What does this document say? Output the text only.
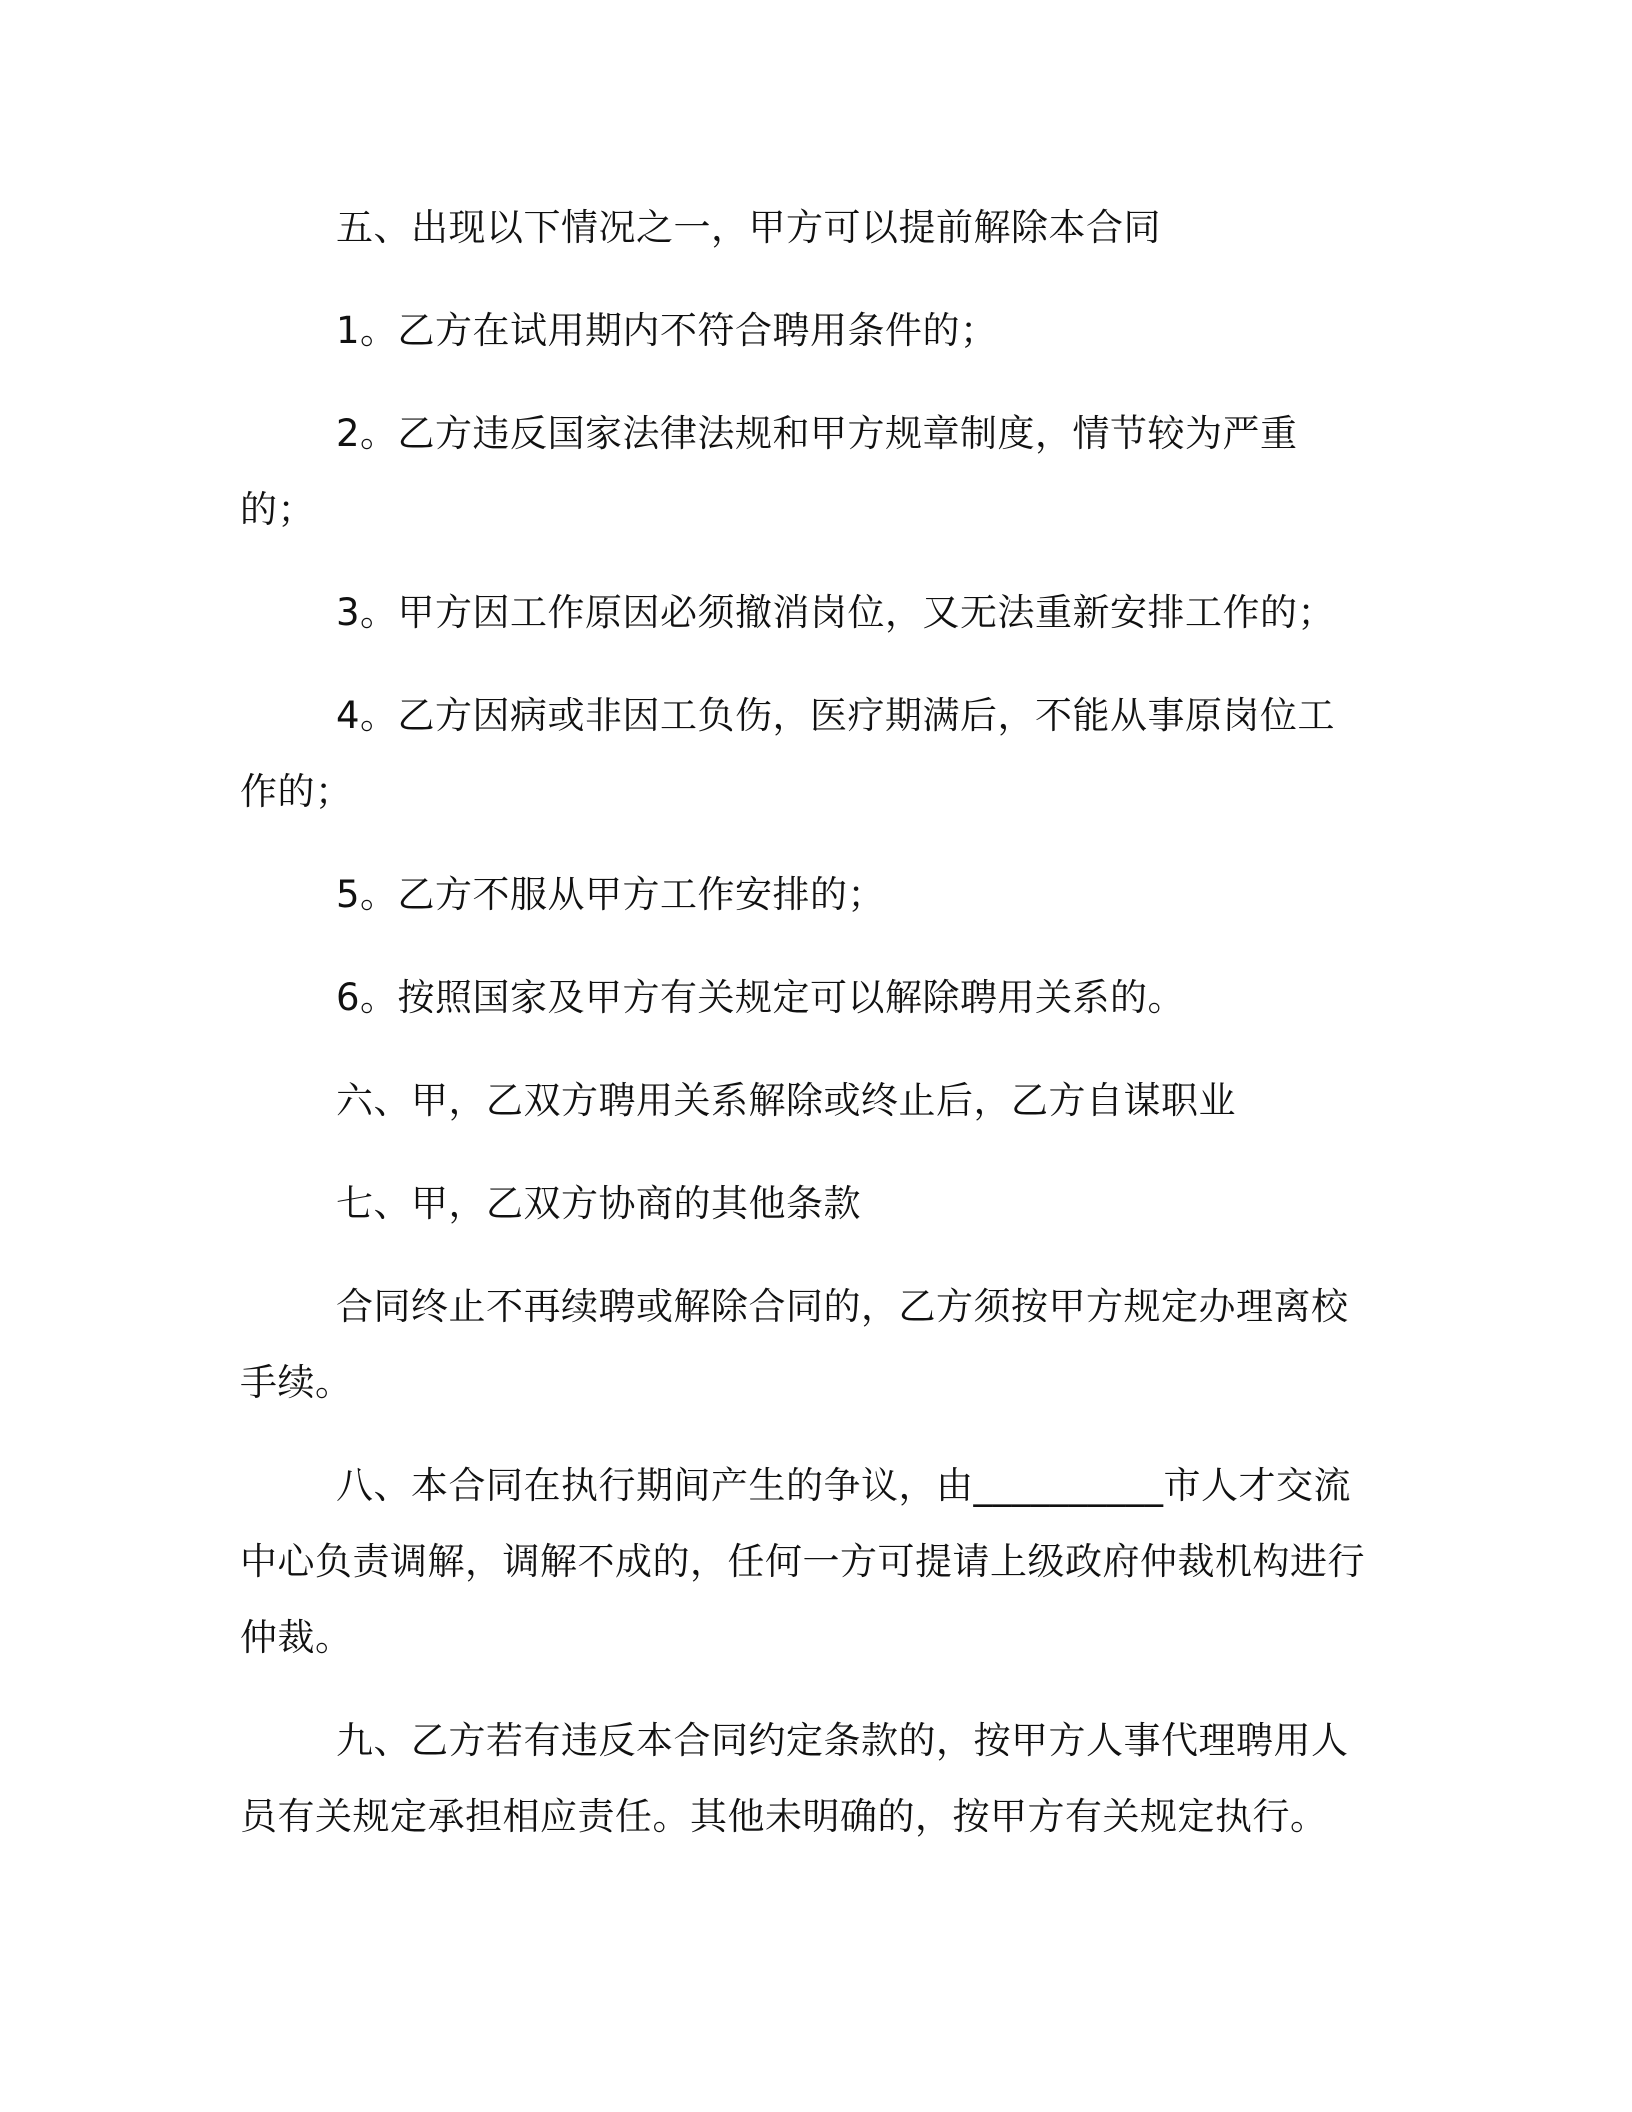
五、出现以下情况之一，甲方可以提前解除本合同

1。乙方在试用期内不符合聘用条件的；

2。乙方违反国家法律法规和甲方规章制度，情节较为严重的；

3。甲方因工作原因必须撤消岗位，又无法重新安排工作的；

4。乙方因病或非因工负伤，医疗期满后，不能从事原岗位工作的；

5。乙方不服从甲方工作安排的；

6。按照国家及甲方有关规定可以解除聘用关系的。

六、甲，乙双方聘用关系解除或终止后，乙方自谋职业

七、甲，乙双方协商的其他条款

合同终止不再续聘或解除合同的，乙方须按甲方规定办理离校手续。

八、本合同在执行期间产生的争议，由__________市人才交流中心负责调解，调解不成的，任何一方可提请上级政府仲裁机构进行仲裁。

九、乙方若有违反本合同约定条款的，按甲方人事代理聘用人员有关规定承担相应责任。其他未明确的，按甲方有关规定执行。
